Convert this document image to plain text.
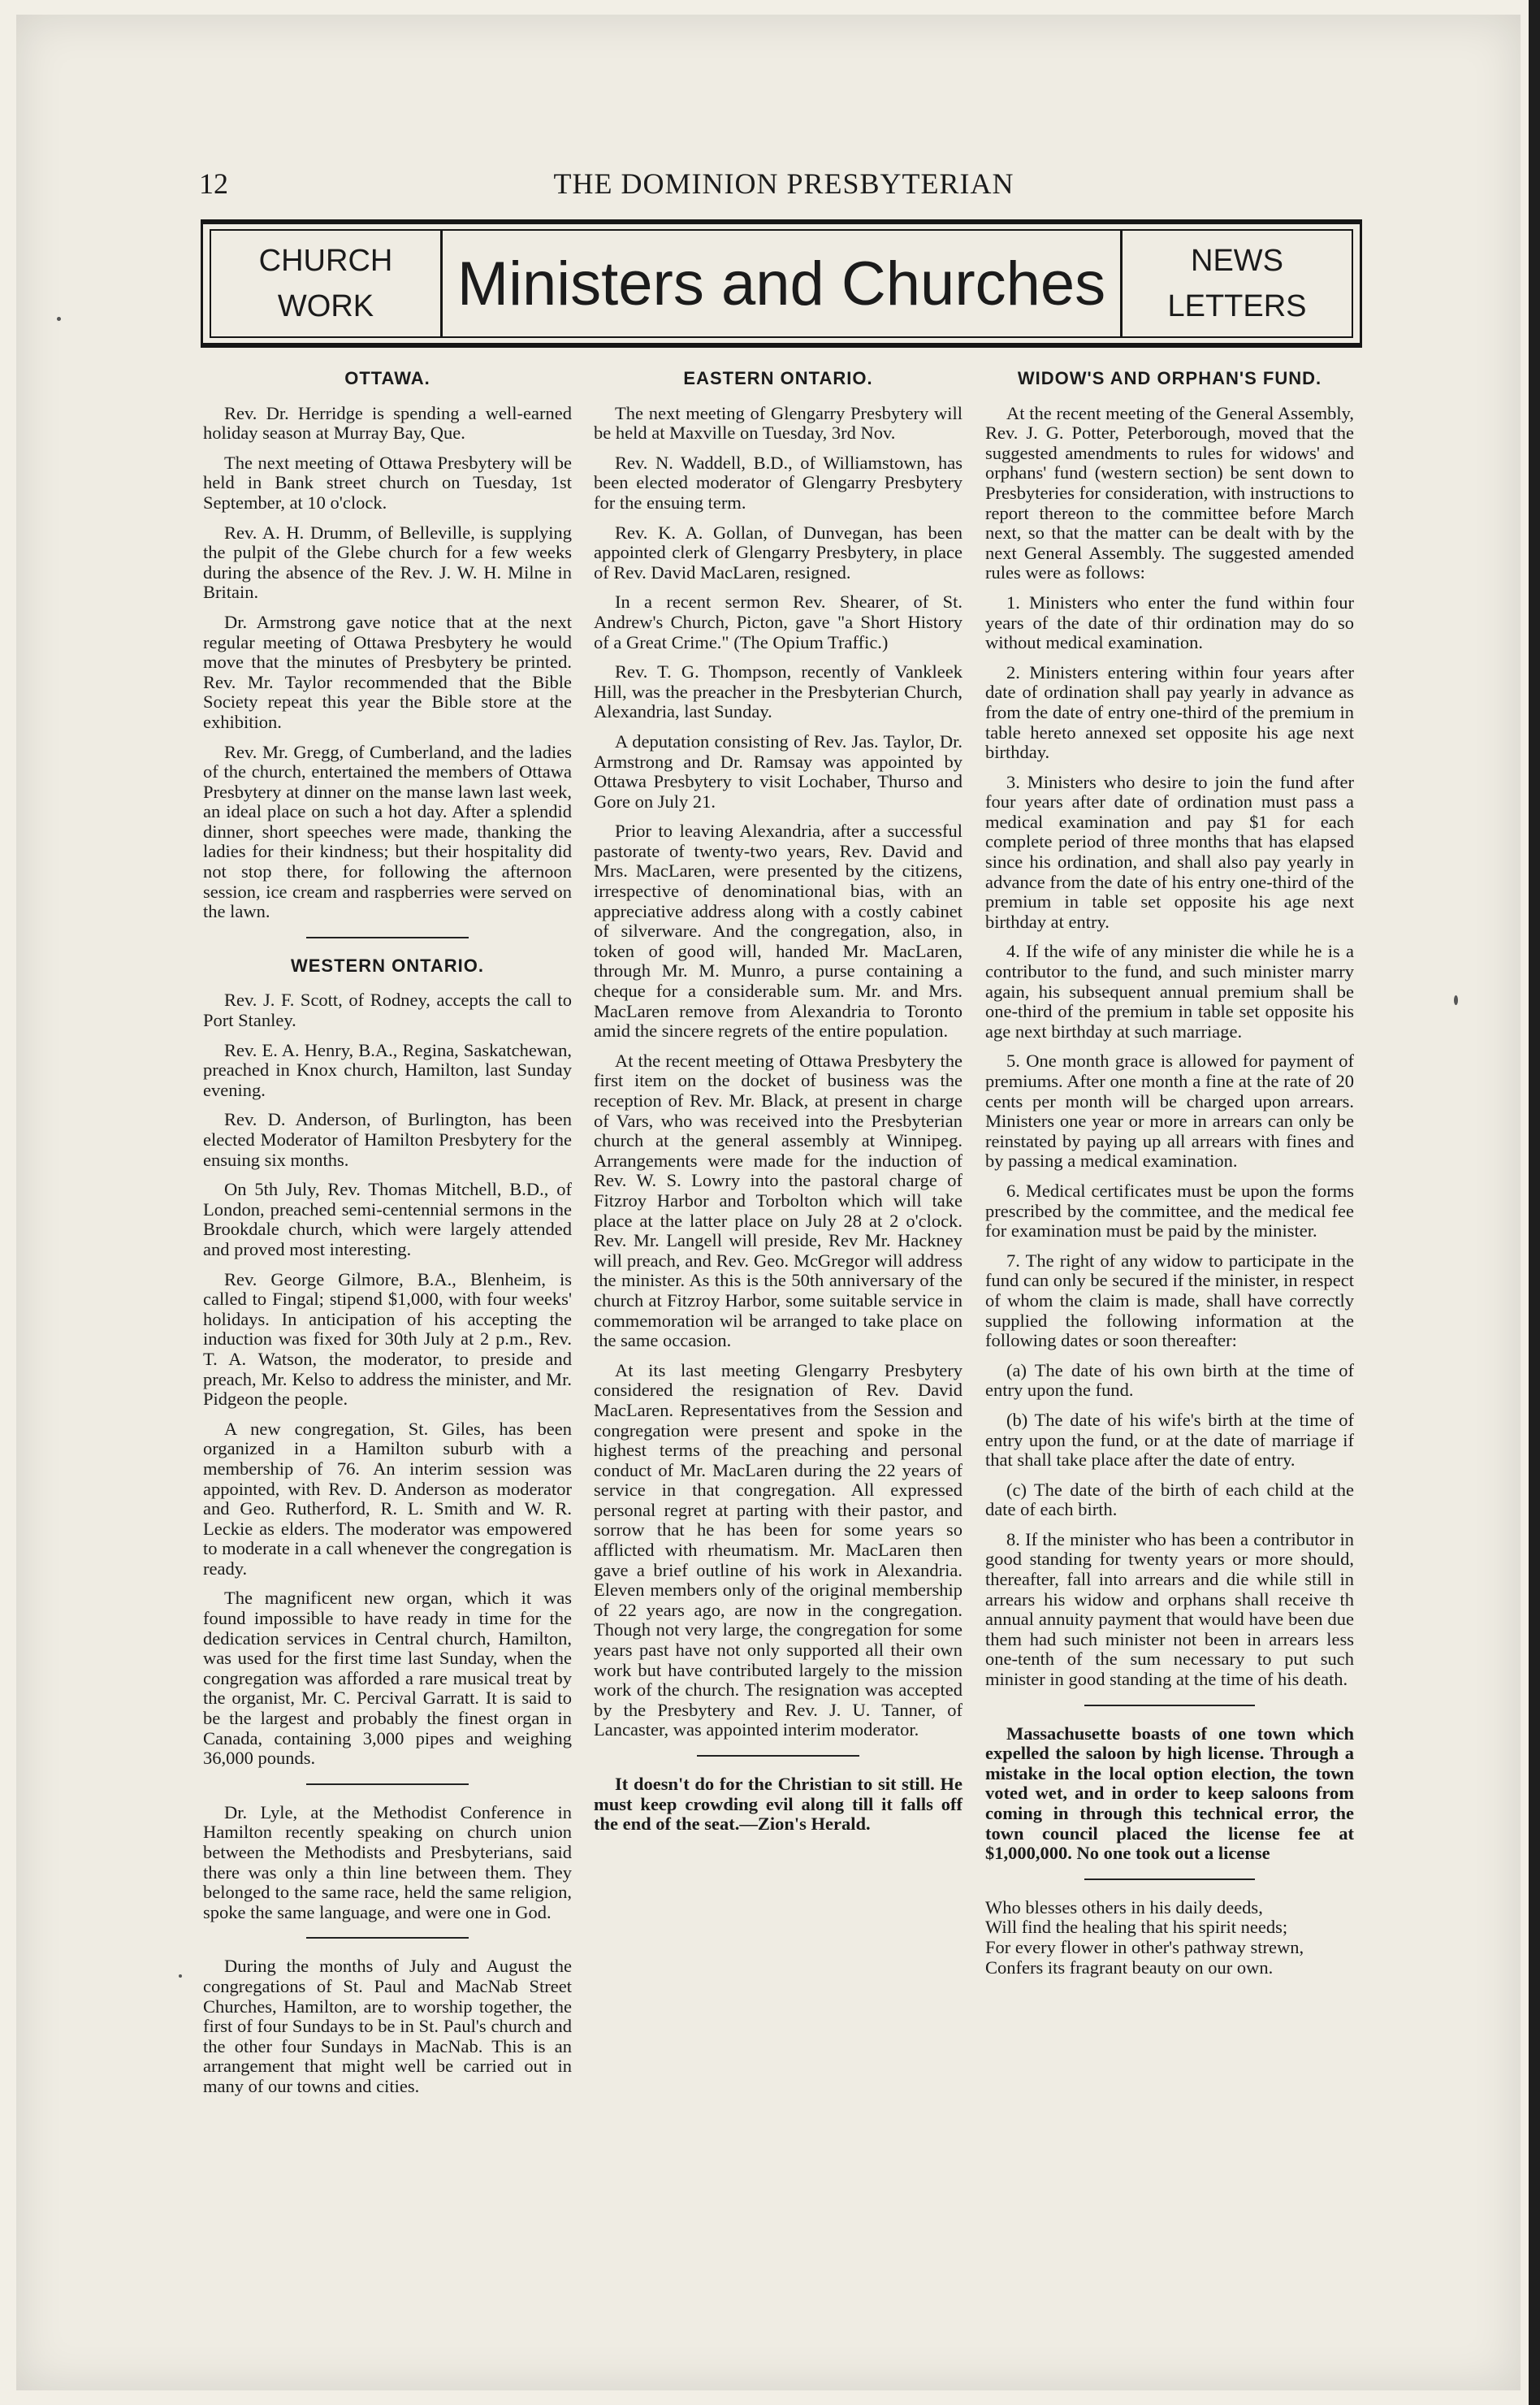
12	THE DOMINION PRESBYTERIAN
CHURCH
WORK Ministers and Churches	NEWS
LETTERS
OTTAWA.

Rev. Dr. Herridge is spending a well-earned holiday season at Murray Bay, Que.

The next meeting of Ottawa Presbytery will be held in Bank street church on Tuesday, 1st September, at 10 o'clock.

Rev. A. H. Drumm, of Belleville, is supplying the pulpit of the Glebe church for a few weeks during the absence of the Rev. J. W. H. Milne in Britain.

Dr. Armstrong gave notice that at the next regular meeting of Ottawa Presbytery he would move that the minutes of Presbytery be printed. Rev. Mr. Taylor recommended that the Bible Society repeat this year the Bible store at the exhibition.

Rev. Mr. Gregg, of Cumberland, and the ladies of the church, entertained the members of Ottawa Presbytery at dinner on the manse lawn last week, an ideal place on such a hot day. After a splendid dinner, short speeches were made, thanking the ladies for their kindness; but their hospitality did not stop there, for following the afternoon session, ice cream and raspberries were served on the lawn.

WESTERN ONTARIO.

Rev. J. F. Scott, of Rodney, accepts the call to Port Stanley.

Rev. E. A. Henry, B.A., Regina, Saskatchewan, preached in Knox church, Hamilton, last Sunday evening.

Rev. D. Anderson, of Burlington, has been elected Moderator of Hamilton Presbytery for the ensuing six months.

On 5th July, Rev. Thomas Mitchell, B.D., of London, preached semi-centennial sermons in the Brookdale church, which were largely attended and proved most interesting.

Rev. George Gilmore, B.A., Blenheim, is called to Fingal; stipend $1,000, with four weeks' holidays. In anticipation of his accepting the induction was fixed for 30th July at 2 p.m., Rev. T. A. Watson, the moderator, to preside and preach, Mr. Kelso to address the minister, and Mr. Pidgeon the people.

A new congregation, St. Giles, has been organized in a Hamilton suburb with a membership of 76. An interim session was appointed, with Rev. D. Anderson as moderator and Geo. Rutherford, R. L. Smith and W. R. Leckie as elders. The moderator was empowered to moderate in a call whenever the congregation is ready.

The magnificent new organ, which it was found impossible to have ready in time for the dedication services in Central church, Hamilton, was used for the first time last Sunday, when the congregation was afforded a rare musical treat by the organist, Mr. C. Percival Garratt. It is said to be the largest and probably the finest organ in Canada, containing 3,000 pipes and weighing 36,000 pounds.

Dr. Lyle, at the Methodist Conference in Hamilton recently speaking on church union between the Methodists and Presbyterians, said there was only a thin line between them. They belonged to the same race, held the same religion, spoke the same language, and were one in God.

During the months of July and August the congregations of St. Paul and MacNab Street Churches, Hamilton, are to worship together, the first of four Sundays to be in St. Paul's church and the other four Sundays in MacNab. This is an arrangement that might well be carried out in many of our towns and cities.

EASTERN ONTARIO.

The next meeting of Glengarry Presbytery will be held at Maxville on Tuesday, 3rd Nov.

Rev. N. Waddell, B.D., of Williamstown, has been elected moderator of Glengarry Presbytery for the ensuing term.

Rev. K. A. Gollan, of Dunvegan, has been appointed clerk of Glengarry Presbytery, in place of Rev. David MacLaren, resigned.

In a recent sermon Rev. Shearer, of St. Andrew's Church, Picton, gave "a Short History of a Great Crime." (The Opium Traffic.)

Rev. T. G. Thompson, recently of Vankleek Hill, was the preacher in the Presbyterian Church, Alexandria, last Sunday.

A deputation consisting of Rev. Jas. Taylor, Dr. Armstrong and Dr. Ramsay was appointed by Ottawa Presbytery to visit Lochaber, Thurso and Gore on July 21.

Prior to leaving Alexandria, after a successful pastorate of twenty-two years, Rev. David and Mrs. MacLaren, were presented by the citizens, irrespective of denominational bias, with an appreciative address along with a costly cabinet of silverware. And the congregation, also, in token of good will, handed Mr. MacLaren, through Mr. M. Munro, a purse containing a cheque for a considerable sum. Mr. and Mrs. MacLaren remove from Alexandria to Toronto amid the sincere regrets of the entire population.

At the recent meeting of Ottawa Presbytery the first item on the docket of business was the reception of Rev. Mr. Black, at present in charge of Vars, who was received into the Presbyterian church at the general assembly at Winnipeg. Arrangements were made for the induction of Rev. W. S. Lowry into the pastoral charge of Fitzroy Harbor and Torbolton which will take place at the latter place on July 28 at 2 o'clock. Rev. Mr. Langell will preside, Rev Mr. Hackney will preach, and Rev. Geo. McGregor will address the minister. As this is the 50th anniversary of the church at Fitzroy Harbor, some suitable service in commemoration wil be arranged to take place on the same occasion.

At its last meeting Glengarry Presbytery considered the resignation of Rev. David MacLaren. Representatives from the Session and congregation were present and spoke in the highest terms of the preaching and personal conduct of Mr. MacLaren during the 22 years of service in that congregation. All expressed personal regret at parting with their pastor, and sorrow that he has been for some years so afflicted with rheumatism. Mr. MacLaren then gave a brief outline of his work in Alexandria. Eleven members only of the original membership of 22 years ago, are now in the congregation. Though not very large, the congregation for some years past have not only supported all their own work but have contributed largely to the mission work of the church. The resignation was accepted by the Presbytery and Rev. J. U. Tanner, of Lancaster, was appointed interim moderator.

It doesn't do for the Christian to sit still. He must keep crowding evil along till it falls off the end of the seat.—Zion's Herald.

WIDOW'S AND ORPHAN'S FUND.

At the recent meeting of the General Assembly, Rev. J. G. Potter, Peterborough, moved that the suggested amendments to rules for widows' and orphans' fund (western section) be sent down to Presbyteries for consideration, with instructions to report thereon to the committee before March next, so that the matter can be dealt with by the next General Assembly. The suggested amended rules were as follows:

1. Ministers who enter the fund within four years of the date of thir ordination may do so without medical examination.

2. Ministers entering within four years after date of ordination shall pay yearly in advance as from the date of entry one-third of the premium in table hereto annexed set opposite his age next birthday.

3. Ministers who desire to join the fund after four years after date of ordination must pass a medical examination and pay $1 for each complete period of three months that has elapsed since his ordination, and shall also pay yearly in advance from the date of his entry one-third of the premium in table set opposite his age next birthday at entry.

4. If the wife of any minister die while he is a contributor to the fund, and such minister marry again, his subsequent annual premium shall be one-third of the premium in table set opposite his age next birthday at such marriage.

5. One month grace is allowed for payment of premiums. After one month a fine at the rate of 20 cents per month will be charged upon arrears. Ministers one year or more in arrears can only be reinstated by paying up all arrears with fines and by passing a medical examination.

6. Medical certificates must be upon the forms prescribed by the committee, and the medical fee for examination must be paid by the minister.

7. The right of any widow to participate in the fund can only be secured if the minister, in respect of whom the claim is made, shall have correctly supplied the following information at the following dates or soon thereafter:

(a) The date of his own birth at the time of entry upon the fund.

(b) The date of his wife's birth at the time of entry upon the fund, or at the date of marriage if that shall take place after the date of entry.

(c) The date of the birth of each child at the date of each birth.

8. If the minister who has been a contributor in good standing for twenty years or more should, thereafter, fall into arrears and die while still in arrears his widow and orphans shall receive th annual annuity payment that would have been due them had such minister not been in arrears less one-tenth of the sum necessary to put such minister in good standing at the time of his death.

Massachusette boasts of one town which expelled the saloon by high license. Through a mistake in the local option election, the town voted wet, and in order to keep saloons from coming in through this technical error, the town council placed the license fee at $1,000,000. No one took out a license

Who blesses others in his daily deeds,

Will find the healing that his spirit needs;

For every flower in other's pathway strewn,

Confers its fragrant beauty on our own.
